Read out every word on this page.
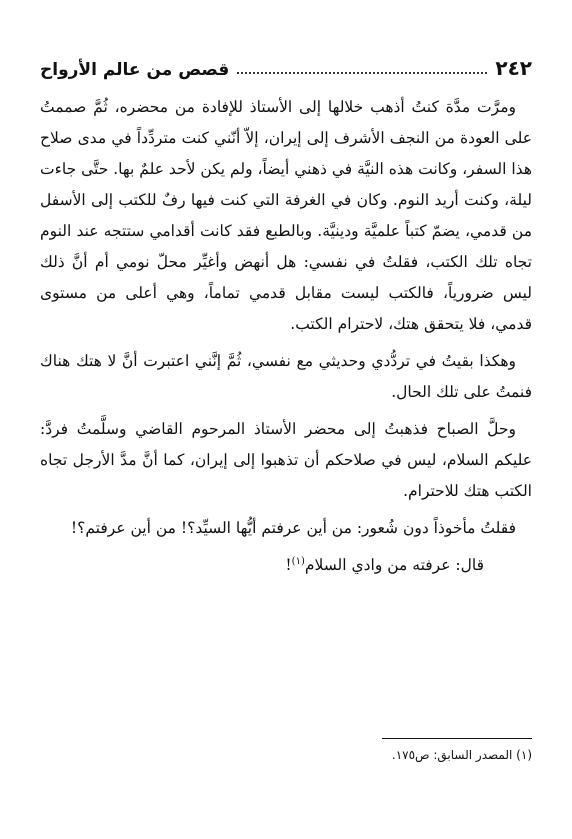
٢٤٢
قصص من عالم الأرواح

ومرَّت مدَّة كنتُ أذهب خلالها إلى الأستاذ للإفادة من محضره، ثُمَّ صممتُ على العودة من النجف الأشرف إلى إيران، إلاّ أنّني كنت متردِّداً في مدى صلاح هذا السفر، وكانت هذه النيَّة في ذهني أيضاً، ولم يكن لأحد علمٌ بها. حتَّى جاءت ليلة، وكنت أريد النوم. وكان في الغرفة التي كنت فيها رفٌ للكتب إلى الأسفل من قدمي، يضمّ كتباً علميَّة ودينيَّة. وبالطبع فقد كانت أقدامي ستتجه عند النوم تجاه تلك الكتب، فقلتُ في نفسي: هل أنهض وأغيِّر محلّ نومي أم أنَّ ذلك ليس ضرورياً، فالكتب ليست مقابل قدمي تماماً، وهي أعلى من مستوى قدمي، فلا يتحقق هتك، لاحترام الكتب.

وهكذا بقيتُ في تردُّدي وحديثي مع نفسي، ثُمَّ إنَّني اعتبرت أنَّ لا هتك هناك فنمتُ على تلك الحال.

وحلَّ الصباح فذهبتُ إلى محضر الأستاذ المرحوم القاضي وسلَّمتُ فردَّ: عليكم السلام، ليس في صلاحكم أن تذهبوا إلى إيران، كما أنَّ مدَّ الأرجل تجاه الكتب هتك للاحترام.

فقلتُ مأخوذاً دون شُعور: من أين عرفتم أيُّها السيِّد؟! من أين عرفتم؟!

قال: عرفته من وادي السلام$^{(١)}$!

(١) المصدر السابق: ص١٧٥.
